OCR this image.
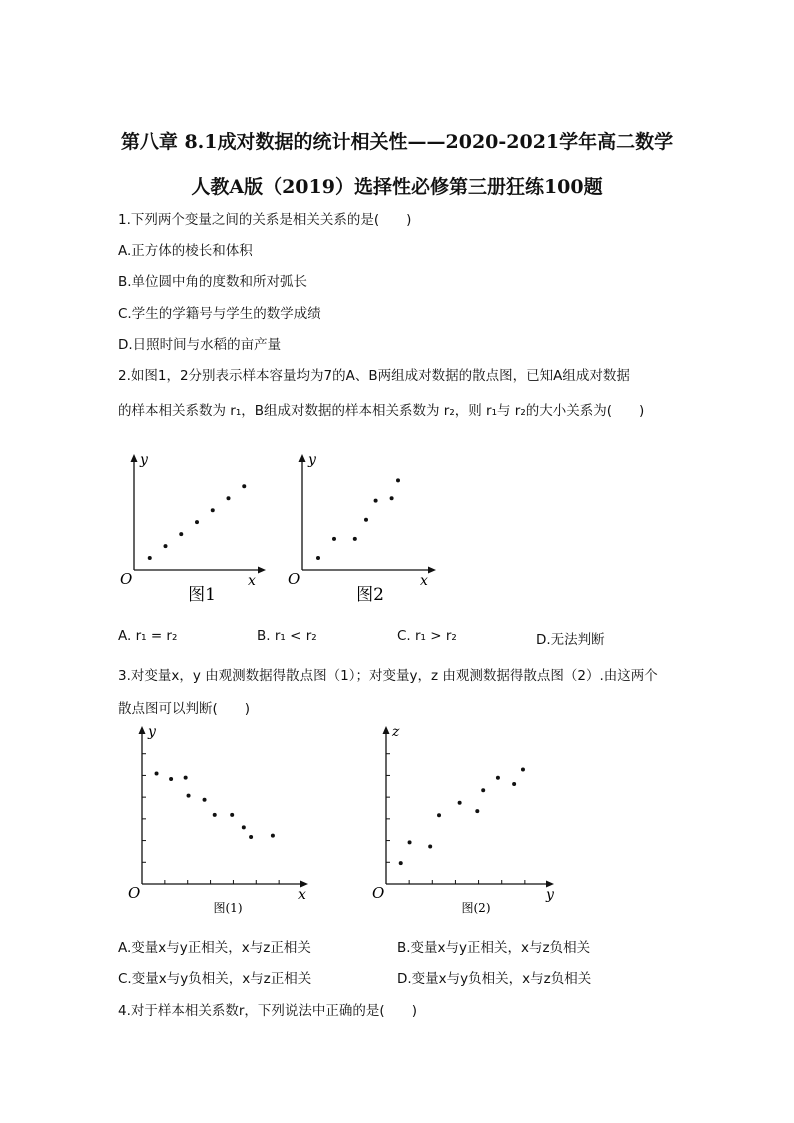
第八章 8.1成对数据的统计相关性——2020-2021学年高二数学
人教A版（2019）选择性必修第三册狂练100题
1.下列两个变量之间的关系是相关关系的是(　　)
A.正方体的棱长和体积
B.单位圆中角的度数和所对弧长
C.学生的学籍号与学生的数学成绩
D.日照时间与水稻的亩产量
2.如图1，2分别表示样本容量均为7的A、B两组成对数据的散点图，已知A组成对数据
的样本相关系数为 r₁，B组成对数据的样本相关系数为 r₂，则 r₁与 r₂的大小关系为(　　)
O	x
y
图1
O	x
y
图2
A. r₁ = r₂	B. r₁ < r₂	C. r₁ > r₂	D.无法判断
3.对变量x，y 由观测数据得散点图（1）；对变量y，z 由观测数据得散点图（2）.由这两个
散点图可以判断(　　)
O	x
y
图(1)
O	y
z
图(2)
A.变量x与y正相关，x与z正相关	B.变量x与y正相关，x与z负相关
C.变量x与y负相关，x与z正相关	D.变量x与y负相关，x与z负相关
4.对于样本相关系数r，下列说法中正确的是(　　)
